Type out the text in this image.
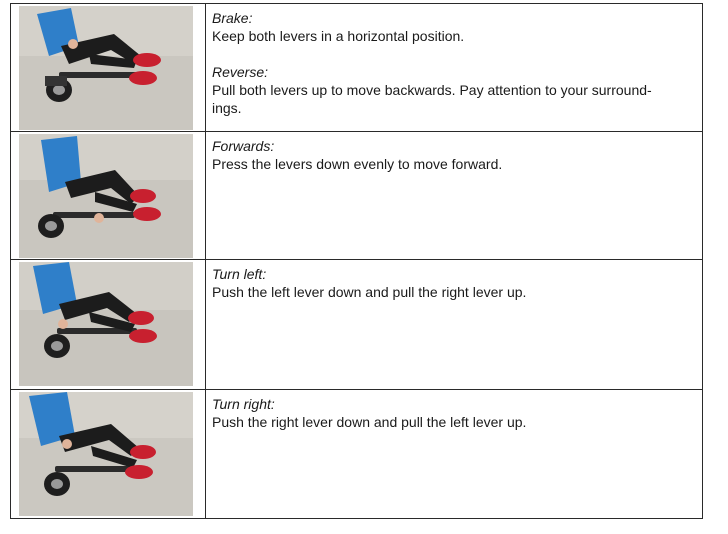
Brake:
Keep both levers in a horizontal position.
Reverse:
Pull both levers up to move backwards. Pay attention to your surround-
ings.

Forwards:
Press the levers down evenly to move forward.

Turn left:
Push the left lever down and pull the right lever up.

Turn right:
Push the right lever down and pull the left lever up.
